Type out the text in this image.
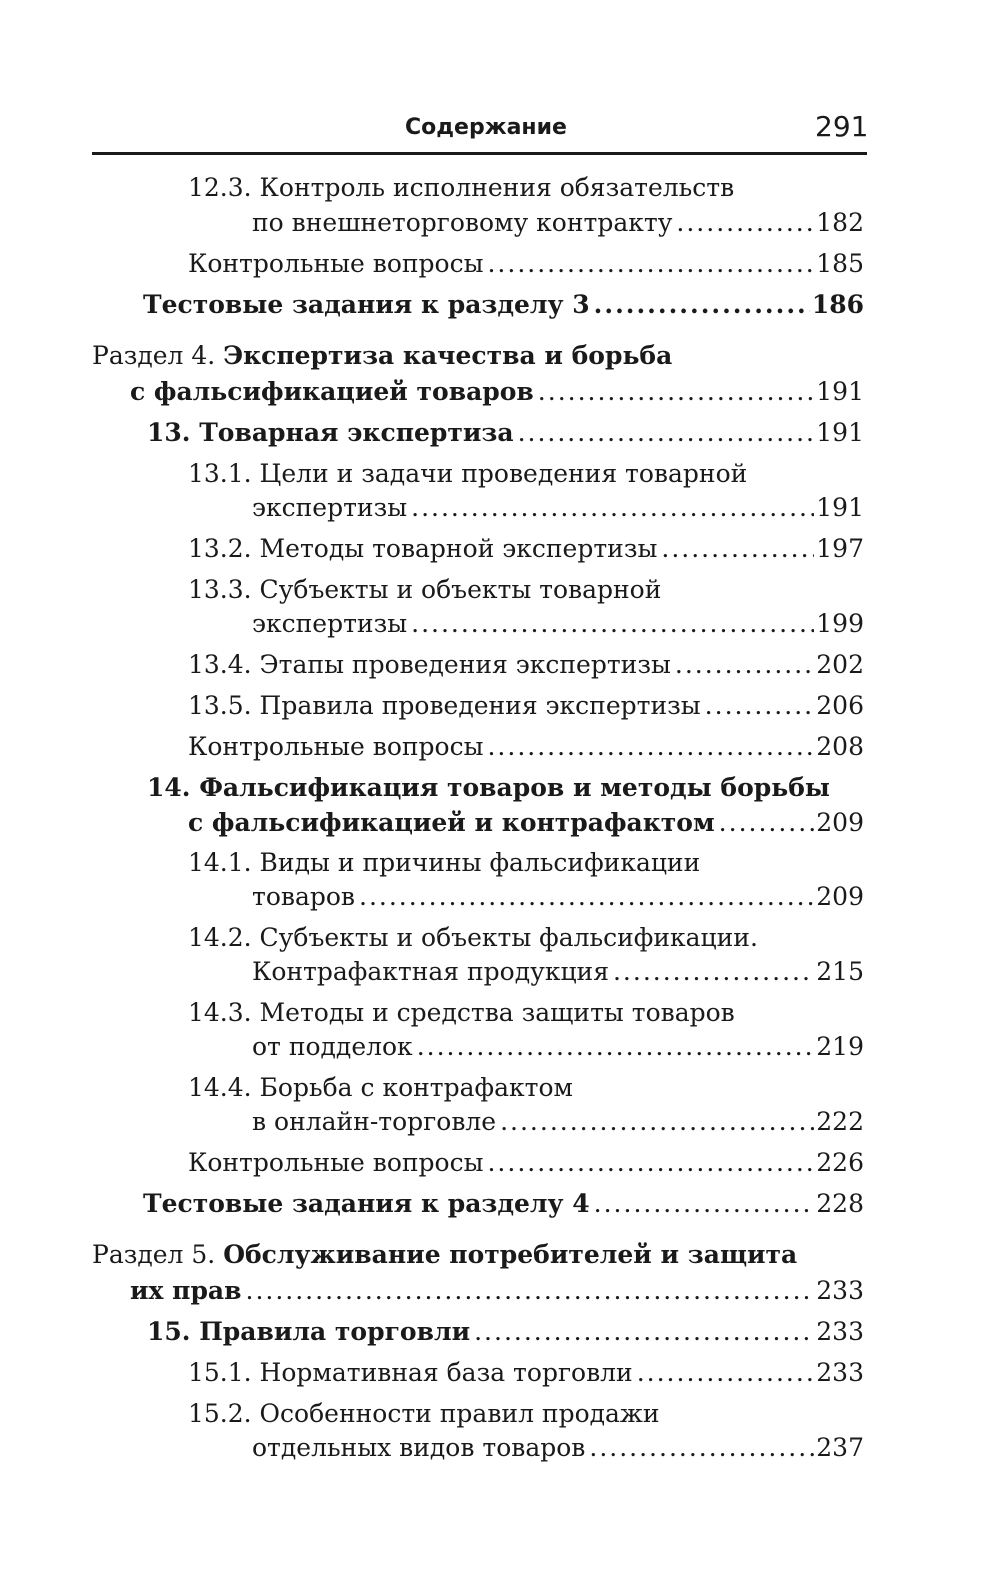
Содержание	291
12.3. Контроль исполнения обязательств
по внешнеторговому контракту .....	182
Контрольные вопросы .....	185
Тестовые задания к разделу 3 .....	186
Раздел 4. Экспертиза качества и борьба
с фальсификацией товаров .....	191
13. Товарная экспертиза .....	191
13.1. Цели и задачи проведения товарной
экспертизы .....	191
13.2. Методы товарной экспертизы .....	197
13.3. Субъекты и объекты товарной
экспертизы .....	199
13.4. Этапы проведения экспертизы .....	202
13.5. Правила проведения экспертизы .....	206
Контрольные вопросы .....	208
14. Фальсификация товаров и методы борьбы
с фальсификацией и контрафактом .....	209
14.1. Виды и причины фальсификации
товаров .....	209
14.2. Субъекты и объекты фальсификации.
Контрафактная продукция .....	215
14.3. Методы и средства защиты товаров
от подделок .....	219
14.4. Борьба с контрафактом
в онлайн-торговле .....	222
Контрольные вопросы .....	226
Тестовые задания к разделу 4 .....	228
Раздел 5. Обслуживание потребителей и защита
их прав .....	233
15. Правила торговли .....	233
15.1. Нормативная база торговли .....	233
15.2. Особенности правил продажи
отдельных видов товаров .....	237
